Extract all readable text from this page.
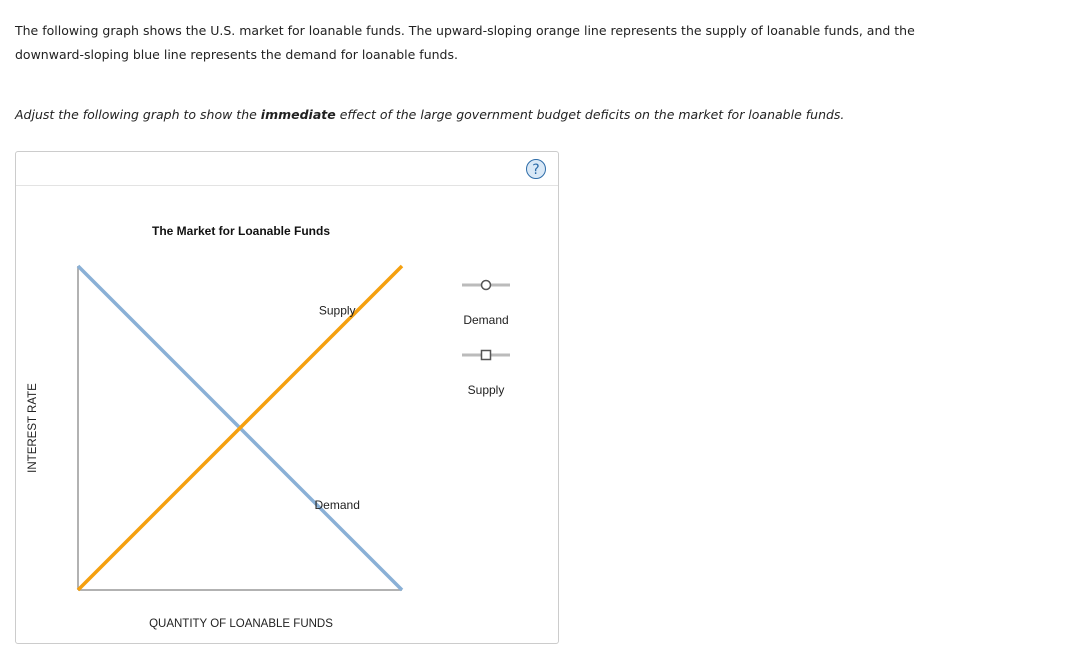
The following graph shows the U.S. market for loanable funds. The upward-sloping orange line represents the supply of loanable funds, and the downward-sloping blue line represents the demand for loanable funds.

Adjust the following graph to show the immediate effect of the large government budget deficits on the market for loanable funds.

?
The Market for Loanable Funds
INTEREST RATE
QUANTITY OF LOANABLE FUNDS
Demand
Supply
Demand
Supply
